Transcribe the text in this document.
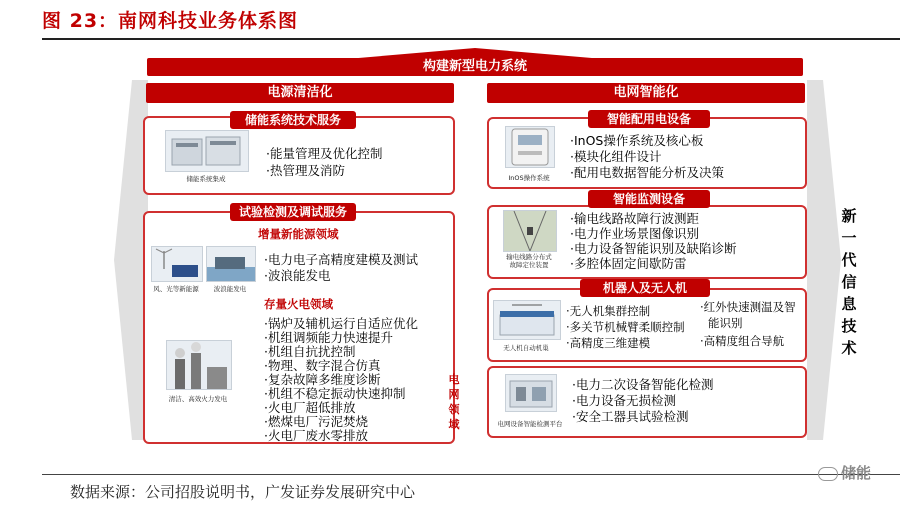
图 23：南网科技业务体系图
新
一
代
信
息
技
术
构建新型电力系统
电源清洁化
储能系统技术服务
储能系统集成
·能量管理及优化控制
·热管理及消防
试验检测及调试服务
增量新能源领域
风、光等新能源	波浪能发电
·电力电子高精度建模及测试
·波浪能发电
存量火电领域
清洁、高效火力发电
·锅炉及辅机运行自适应优化
·机组调频能力快速提升
·机组自抗扰控制
·物理、数字混合仿真
·复杂故障多维度诊断
·机组不稳定振动快速抑制
·火电厂超低排放
·燃煤电厂污泥焚烧
·火电厂废水零排放
电
网
领
域
电网智能化
智能配用电设备
InOS操作系统
·InOS操作系统及核心板
·模块化组件设计
·配用电数据智能分析及决策
智能监测设备
输电线路分布式
故障定位装置
·输电线路故障行波测距
·电力作业场景图像识别
·电力设备智能识别及缺陷诊断
·多腔体固定间歇防雷
机器人及无人机
无人机自动机巢
·无人机集群控制
·多关节机械臂柔顺控制
·高精度三维建模
·红外快速测温及智
能识别
·高精度组合导航
电网设备智能检测平台
·电力二次设备智能化检测
·电力设备无损检测
·安全工器具试验检测
数据来源：公司招股说明书，广发证券发展研究中心
储能
